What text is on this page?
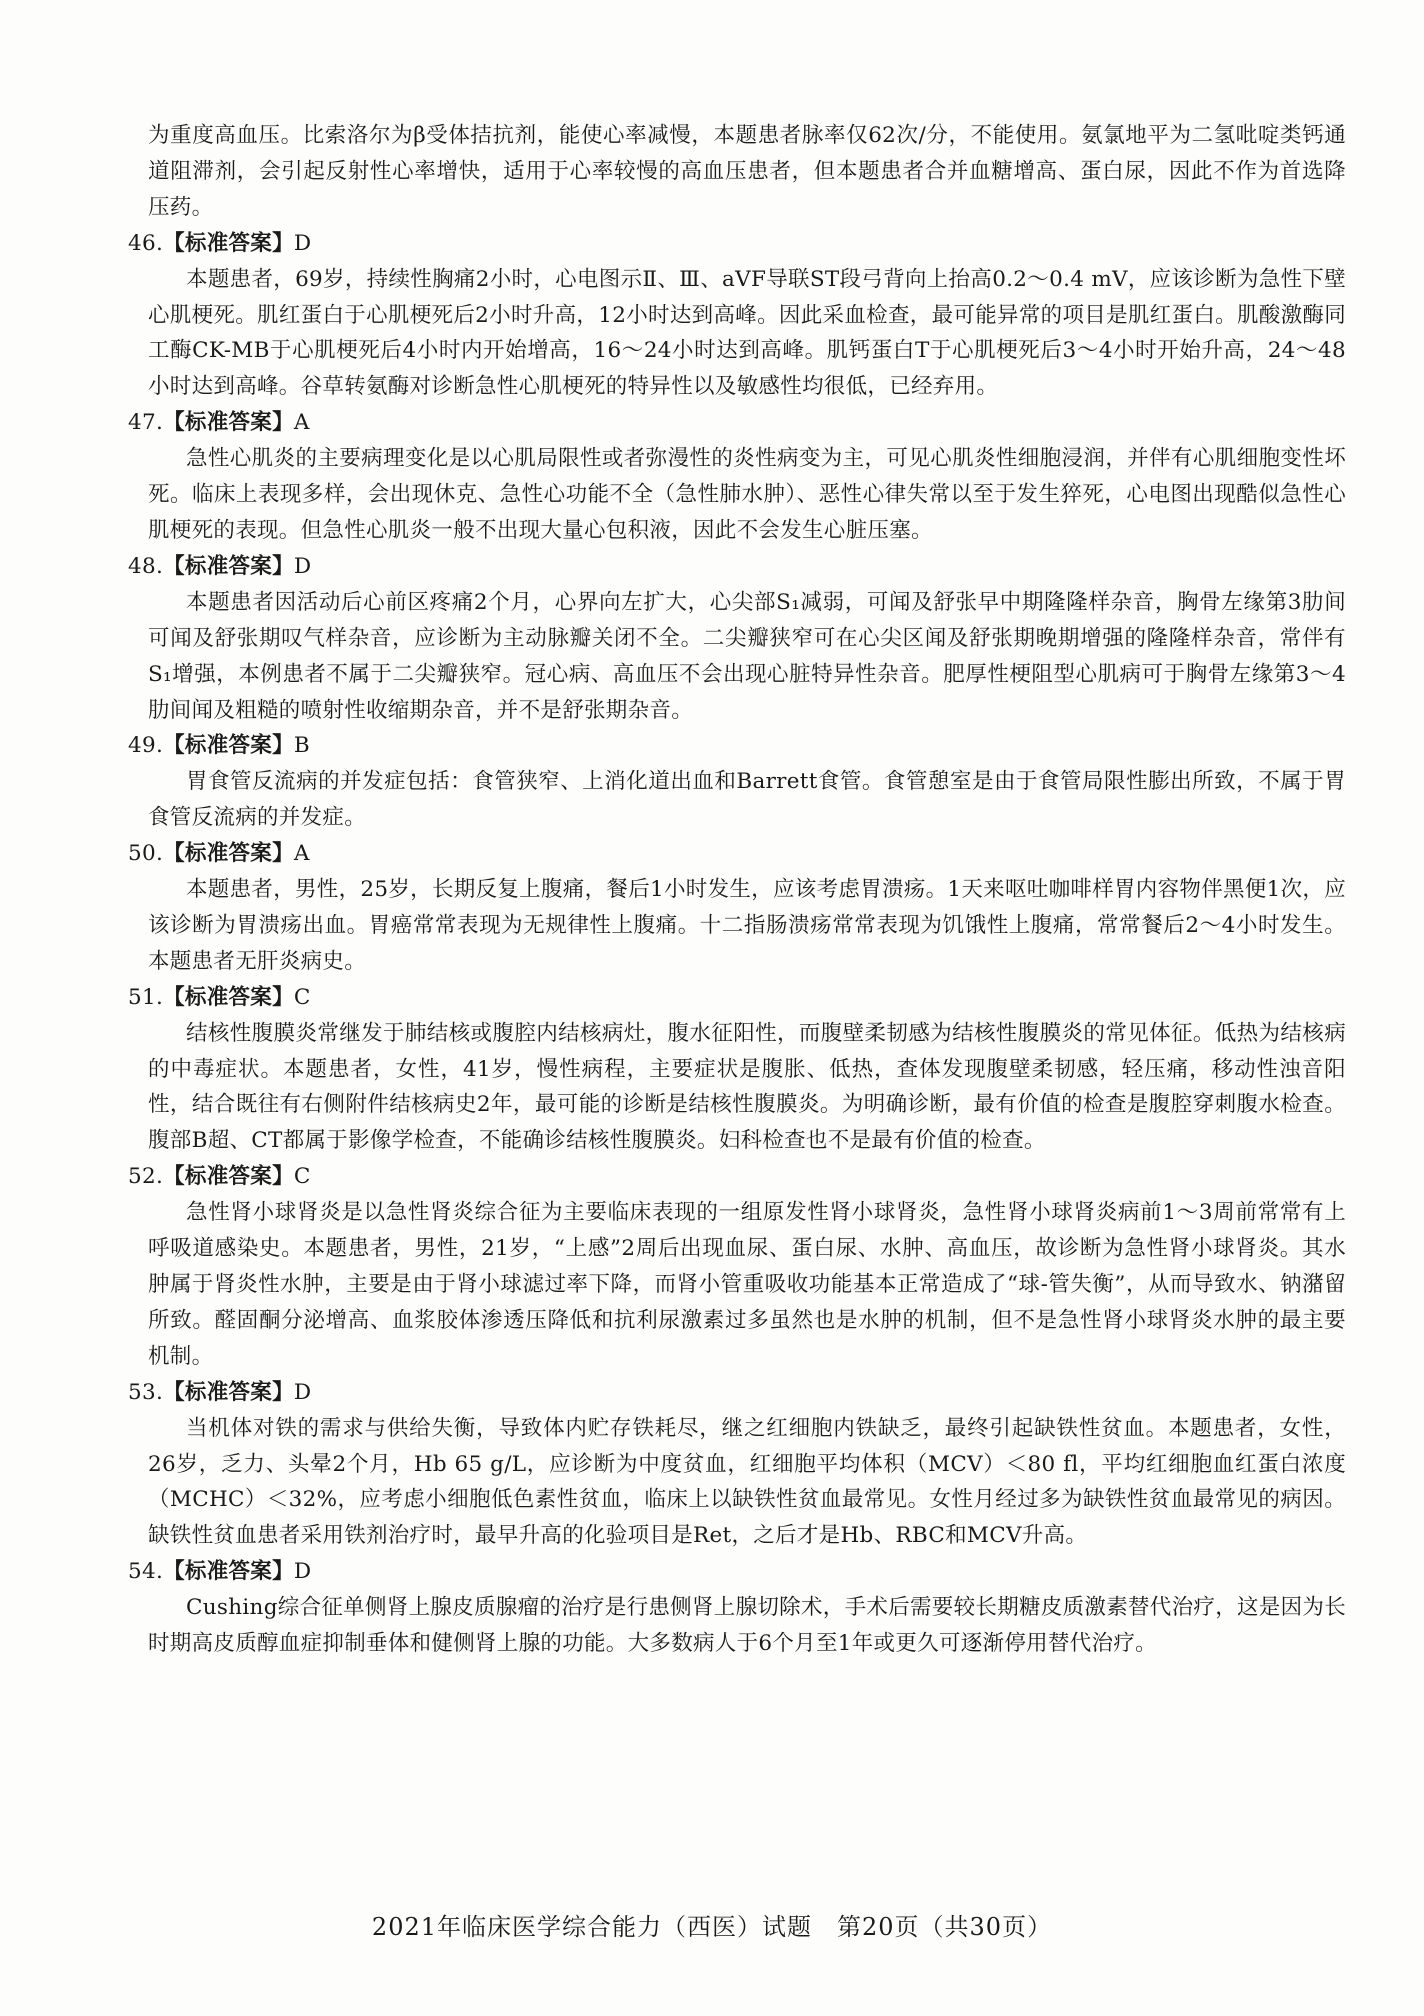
为重度高血压。比索洛尔为β受体拮抗剂，能使心率减慢，本题患者脉率仅62次/分，不能使用。氨氯地平为二氢吡啶类钙通道阻滞剂，会引起反射性心率增快，适用于心率较慢的高血压患者，但本题患者合并血糖增高、蛋白尿，因此不作为首选降压药。

46.【标准答案】D

本题患者，69岁，持续性胸痛2小时，心电图示Ⅱ、Ⅲ、aVF导联ST段弓背向上抬高0.2～0.4 mV，应该诊断为急性下壁心肌梗死。肌红蛋白于心肌梗死后2小时升高，12小时达到高峰。因此采血检查，最可能异常的项目是肌红蛋白。肌酸激酶同工酶CK-MB于心肌梗死后4小时内开始增高，16～24小时达到高峰。肌钙蛋白T于心肌梗死后3～4小时开始升高，24～48小时达到高峰。谷草转氨酶对诊断急性心肌梗死的特异性以及敏感性均很低，已经弃用。

47.【标准答案】A

急性心肌炎的主要病理变化是以心肌局限性或者弥漫性的炎性病变为主，可见心肌炎性细胞浸润，并伴有心肌细胞变性坏死。临床上表现多样，会出现休克、急性心功能不全（急性肺水肿）、恶性心律失常以至于发生猝死，心电图出现酷似急性心肌梗死的表现。但急性心肌炎一般不出现大量心包积液，因此不会发生心脏压塞。

48.【标准答案】D

本题患者因活动后心前区疼痛2个月，心界向左扩大，心尖部S₁减弱，可闻及舒张早中期隆隆样杂音，胸骨左缘第3肋间可闻及舒张期叹气样杂音，应诊断为主动脉瓣关闭不全。二尖瓣狭窄可在心尖区闻及舒张期晚期增强的隆隆样杂音，常伴有S₁增强，本例患者不属于二尖瓣狭窄。冠心病、高血压不会出现心脏特异性杂音。肥厚性梗阻型心肌病可于胸骨左缘第3～4肋间闻及粗糙的喷射性收缩期杂音，并不是舒张期杂音。

49.【标准答案】B

胃食管反流病的并发症包括：食管狭窄、上消化道出血和Barrett食管。食管憩室是由于食管局限性膨出所致，不属于胃食管反流病的并发症。

50.【标准答案】A

本题患者，男性，25岁，长期反复上腹痛，餐后1小时发生，应该考虑胃溃疡。1天来呕吐咖啡样胃内容物伴黑便1次，应该诊断为胃溃疡出血。胃癌常常表现为无规律性上腹痛。十二指肠溃疡常常表现为饥饿性上腹痛，常常餐后2～4小时发生。本题患者无肝炎病史。

51.【标准答案】C

结核性腹膜炎常继发于肺结核或腹腔内结核病灶，腹水征阳性，而腹壁柔韧感为结核性腹膜炎的常见体征。低热为结核病的中毒症状。本题患者，女性，41岁，慢性病程，主要症状是腹胀、低热，查体发现腹壁柔韧感，轻压痛，移动性浊音阳性，结合既往有右侧附件结核病史2年，最可能的诊断是结核性腹膜炎。为明确诊断，最有价值的检查是腹腔穿刺腹水检查。腹部B超、CT都属于影像学检查，不能确诊结核性腹膜炎。妇科检查也不是最有价值的检查。

52.【标准答案】C

急性肾小球肾炎是以急性肾炎综合征为主要临床表现的一组原发性肾小球肾炎，急性肾小球肾炎病前1～3周前常常有上呼吸道感染史。本题患者，男性，21岁，“上感”2周后出现血尿、蛋白尿、水肿、高血压，故诊断为急性肾小球肾炎。其水肿属于肾炎性水肿，主要是由于肾小球滤过率下降，而肾小管重吸收功能基本正常造成了“球-管失衡”，从而导致水、钠潴留所致。醛固酮分泌增高、血浆胶体渗透压降低和抗利尿激素过多虽然也是水肿的机制，但不是急性肾小球肾炎水肿的最主要机制。

53.【标准答案】D

当机体对铁的需求与供给失衡，导致体内贮存铁耗尽，继之红细胞内铁缺乏，最终引起缺铁性贫血。本题患者，女性，26岁，乏力、头晕2个月，Hb 65 g/L，应诊断为中度贫血，红细胞平均体积（MCV）＜80 fl，平均红细胞血红蛋白浓度（MCHC）＜32%，应考虑小细胞低色素性贫血，临床上以缺铁性贫血最常见。女性月经过多为缺铁性贫血最常见的病因。缺铁性贫血患者采用铁剂治疗时，最早升高的化验项目是Ret，之后才是Hb、RBC和MCV升高。

54.【标准答案】D

Cushing综合征单侧肾上腺皮质腺瘤的治疗是行患侧肾上腺切除术，手术后需要较长期糖皮质激素替代治疗，这是因为长时期高皮质醇血症抑制垂体和健侧肾上腺的功能。大多数病人于6个月至1年或更久可逐渐停用替代治疗。

2021年临床医学综合能力（西医）试题　第20页（共30页）
